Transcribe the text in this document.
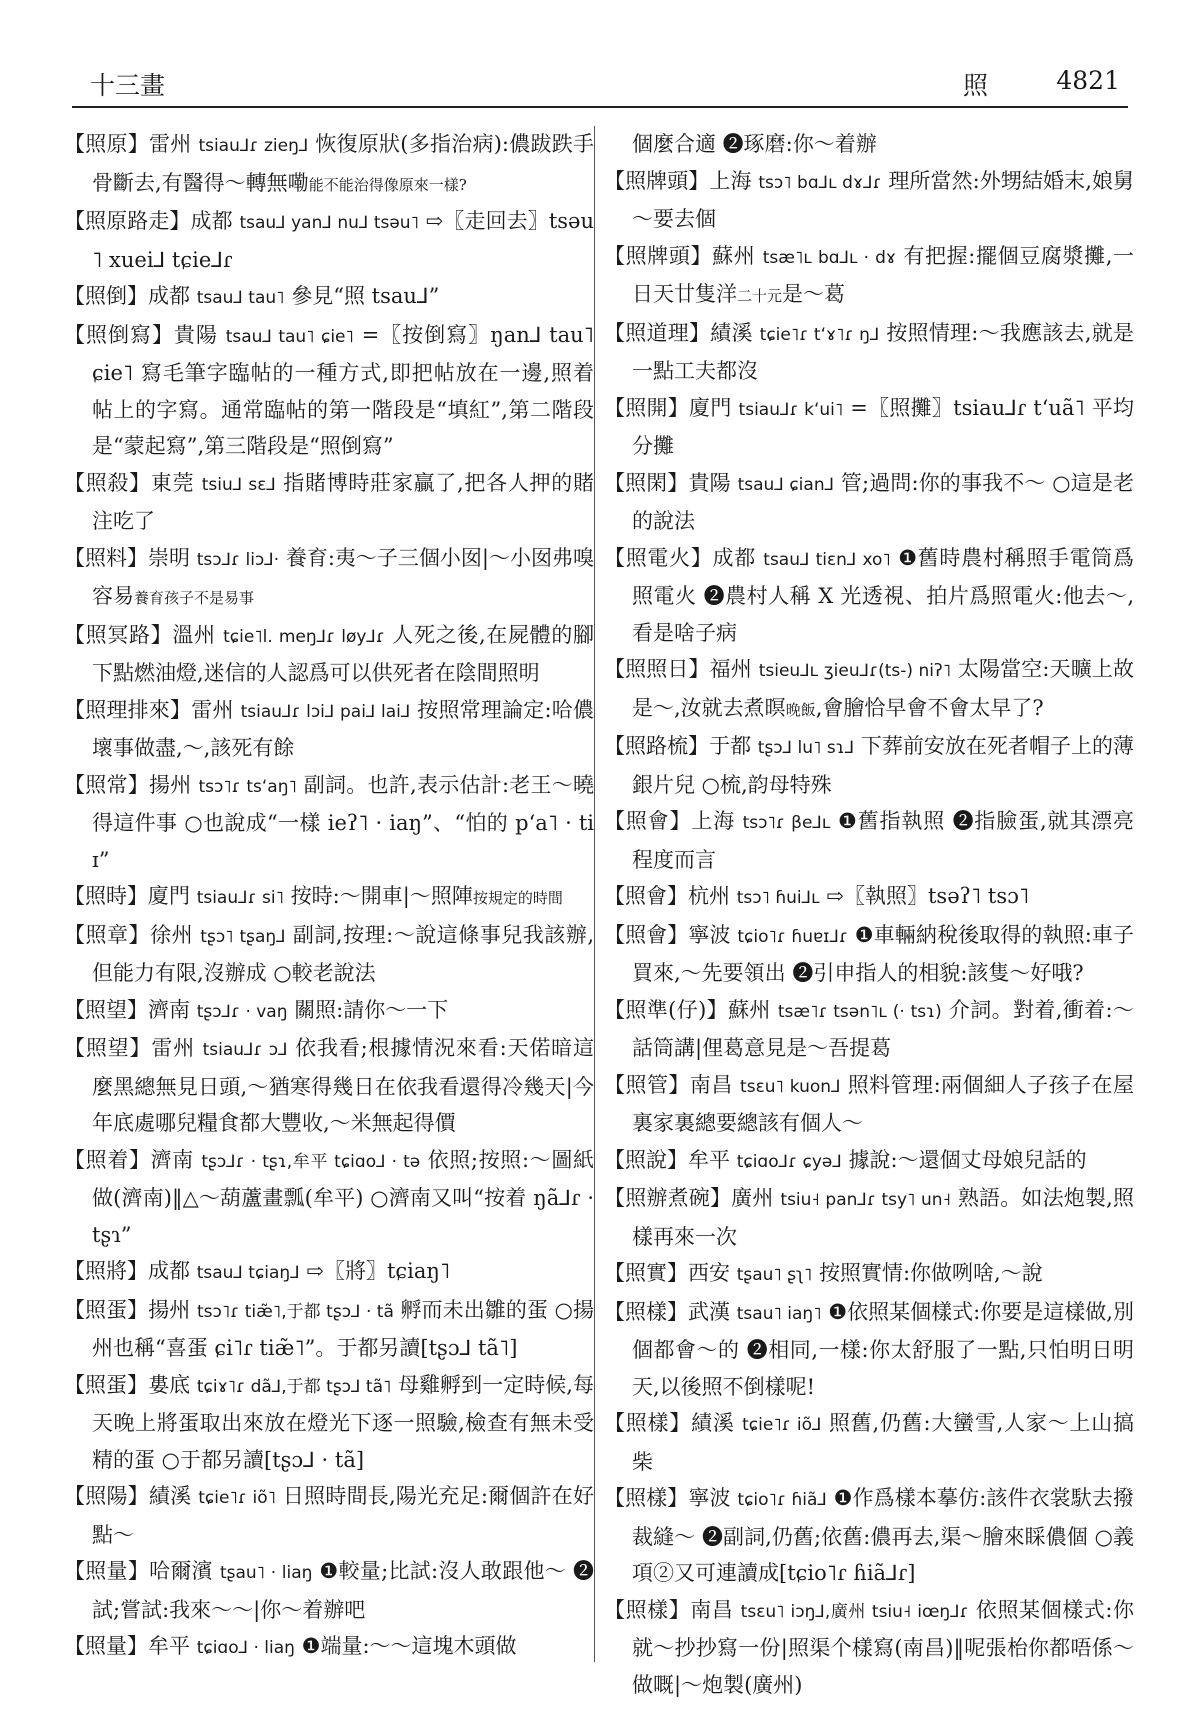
十三畫	照	4821
【照原】雷州 tsiau⅃ɾ zieŋ⅃ 恢復原狀(多指治病):儂跋跌手骨斷去,有醫得～轉無嘞能不能治得像原來一樣?
【照原路走】成都 tsau⅃ yan⅃ nu⅃ tsəu˥ ⇨〖走回去〗tsəu˥ xuei⅃ tɕie⅃ɾ
【照倒】成都 tsau⅃ tau˥ 參見“照 tsau⅃”
【照倒寫】貴陽 tsau⅃ tau˥ ɕie˥ =〖按倒寫〗ŋan⅃ tau˥ ɕie˥ 寫毛筆字臨帖的一種方式,即把帖放在一邊,照着帖上的字寫。通常臨帖的第一階段是“填紅”,第二階段是“蒙起寫”,第三階段是“照倒寫”
【照殺】東莞 tsiu⅃ sɛ⅃ 指賭博時莊家贏了,把各人押的賭注吃了
【照料】崇明 tsɔ⅃ɾ liɔ⅃· 養育:夷～子三個小囡|～小囡弗嗅容易養育孩子不是易事
【照冥路】溫州 tɕie˥l. meŋ⅃ɾ løy⅃ɾ 人死之後,在屍體的腳下點燃油燈,迷信的人認爲可以供死者在陰間照明
【照理排來】雷州 tsiau⅃ɾ lɔi⅃ pai⅃ lai⅃ 按照常理論定:哈儂壞事做盡,～,該死有餘
【照常】揚州 tsɔ˥ɾ tsʻaŋ˥ 副詞。也許,表示估計:老王～曉得這件事 ○也說成“一樣 ieʔ˥ · iaŋ”、“怕的 pʻa˥ · tiɪ”
【照時】廈門 tsiau⅃ɾ si˥ 按時:～開車|～照陣按規定的時間
【照章】徐州 tʂɔ˥ tʂaŋ⅃ 副詞,按理:～說這條事兒我該辦,但能力有限,沒辦成 ○較老說法
【照望】濟南 tʂɔ⅃ɾ · vaŋ 關照:請你～一下
【照望】雷州 tsiau⅃ɾ ɔ⅃ 依我看;根據情況來看:天偌暗這麼黑總無見日頭,～猶寒得幾日在依我看還得冷幾天|今年底處哪兒糧食都大豐收,～米無起得價
【照着】濟南 tʂɔ⅃ɾ · tʂɿ,牟平 tɕiɑo⅃ · tə 依照;按照:～圖紙做(濟南)‖△～葫蘆畫瓢(牟平) ○濟南又叫“按着 ŋã⅃ɾ · tʂɿ”
【照將】成都 tsau⅃ tɕiaŋ⅃ ⇨〖將〗tɕiaŋ˥
【照蛋】揚州 tsɔ˥ɾ tiæ̃˥,于都 tʂɔ⅃ · tã 孵而未出雛的蛋 ○揚州也稱“喜蛋 ɕi˥ɾ tiæ̃˥”。于都另讀[tʂɔ⅃ tã˥]
【照蛋】婁底 tɕiɤ˥ɾ dã⅃,于都 tʂɔ⅃ tã˥ 母雞孵到一定時候,每天晚上將蛋取出來放在燈光下逐一照驗,檢查有無未受精的蛋 ○于都另讀[tʂɔ⅃ · tã]
【照陽】績溪 tɕie˥ɾ iõ˥ 日照時間長,陽光充足:爾個許在好點～
【照量】哈爾濱 tʂau˥ · liaŋ ❶較量;比試:沒人敢跟他～ ❷試;嘗試:我來～～|你～着辦吧
【照量】牟平 tɕiɑo⅃ · liaŋ ❶端量:～～這塊木頭做
個麼合適 ❷琢磨:你～着辦
【照牌頭】上海 tsɔ˥ bɑ⅃ʟ dɤ⅃ɾ 理所當然:外甥結婚末,娘舅～要去個
【照牌頭】蘇州 tsæ˥ʟ bɑ⅃ʟ · dɤ 有把握:擺個豆腐漿攤,一日天廿隻洋二十元是～葛
【照道理】績溪 tɕie˥ɾ tʻɤ˥ɾ ŋ⅃ 按照情理:～我應該去,就是一點工夫都沒
【照開】廈門 tsiau⅃ɾ kʻui˥ =〖照攤〗tsiau⅃ɾ tʻuã˥ 平均分攤
【照閑】貴陽 tsau⅃ ɕian⅃ 管;過問:你的事我不～ ○這是老的說法
【照電火】成都 tsau⅃ tiɛn⅃ xo˥ ❶舊時農村稱照手電筒爲照電火 ❷農村人稱 X 光透視、拍片爲照電火:他去～,看是啥子病
【照照日】福州 tsieu⅃ʟ ʒieu⅃ɾ(ts-) niʔ˥ 太陽當空:天曠上故是～,汝就去煮暝晚飯,會膾恰早會不會太早了?
【照路梳】于都 tʂɔ⅃ lu˥ sɿ⅃ 下葬前安放在死者帽子上的薄銀片兒 ○梳,韵母特殊
【照會】上海 tsɔ˥ɾ βe⅃ʟ ❶舊指執照 ❷指臉蛋,就其漂亮程度而言
【照會】杭州 tsɔ˥ ɦui⅃ʟ ⇨〖執照〗tsəʔ˥ tsɔ˥
【照會】寧波 tɕio˥ɾ ɦuɐɪ⅃ɾ ❶車輛納稅後取得的執照:車子買來,～先要領出 ❷引申指人的相貌:該隻～好哦?
【照準(仔)】蘇州 tsæ˥ɾ tsən˥ʟ (· tsɿ) 介詞。對着,衝着:～話筒講|俚葛意見是～吾提葛
【照管】南昌 tsɛu˥ kuon⅃ 照料管理:兩個細人子孩子在屋裏家裏總要總該有個人～
【照說】牟平 tɕiɑo⅃ɾ ɕyə⅃ 據說:～還個丈母娘兒話的
【照辦煮碗】廣州 tsiu˧ pan⅃ɾ tsy˥ un˧ 熟語。如法炮製,照樣再來一次
【照實】西安 tʂau˥ ʂʅ˥ 按照實情:你做咧啥,～說
【照樣】武漢 tsau˥ iaŋ˥ ❶依照某個樣式:你要是這樣做,別個都會～的 ❷相同,一樣:你太舒服了一點,只怕明日明天,以後照不倒樣呢!
【照樣】績溪 tɕie˥ɾ iõ⅃ 照舊,仍舊:大蠻雪,人家～上山搞柴
【照樣】寧波 tɕio˥ɾ ɦiã⅃ ❶作爲樣本摹仿:該件衣裳馱去撥裁縫～ ❷副詞,仍舊;依舊:儂再去,渠～膾來睬儂個 ○義項②又可連讀成[tɕio˥ɾ ɦiã⅃ɾ]
【照樣】南昌 tsɛu˥ iɔŋ⅃,廣州 tsiu˧ iœŋ⅃ɾ 依照某個樣式:你就～抄抄寫一份|照渠个樣寫(南昌)‖呢張枱你都唔係～做嘅|～炮製(廣州)
